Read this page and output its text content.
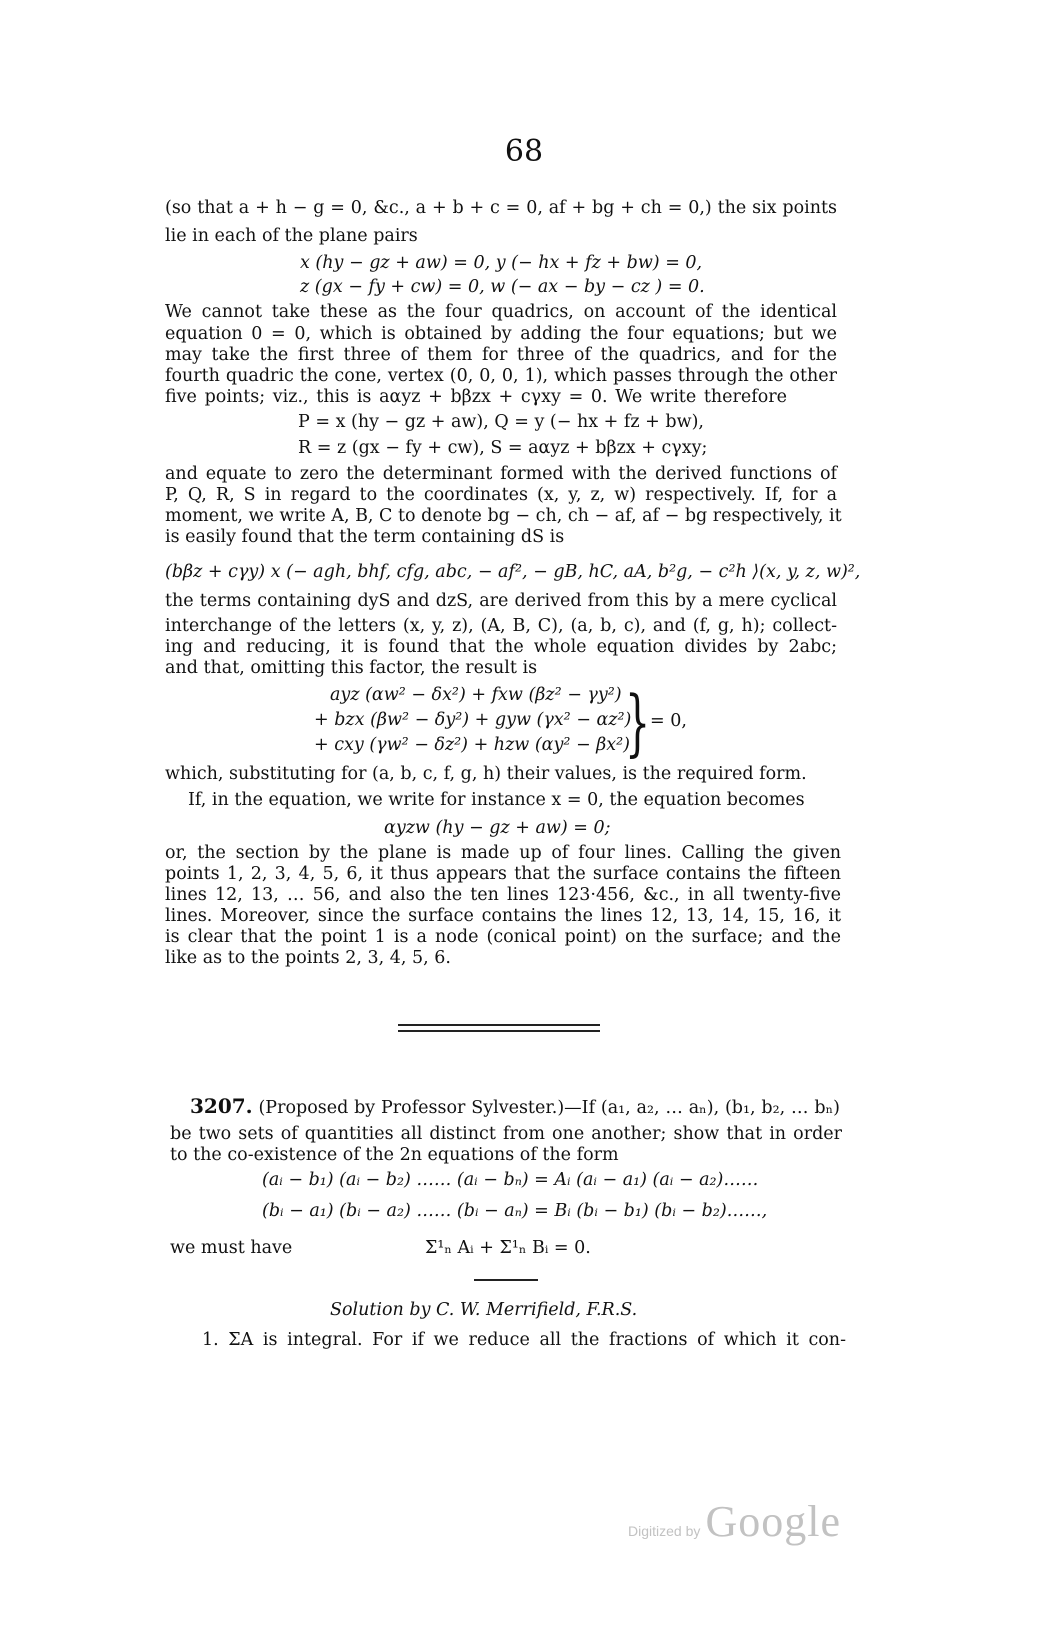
68
(so that a + h − g = 0, &c., a + b + c = 0, af + bg + ch = 0,) the six points
lie in each of the plane pairs
x (hy − gz + aw) = 0, y (− hx + fz + bw) = 0,
z (gx − fy + cw) = 0, w (− ax − by − cz ) = 0.
We cannot take these as the four quadrics, on account of the identical
equation 0 = 0, which is obtained by adding the four equations; but we
may take the first three of them for three of the quadrics, and for the
fourth quadric the cone, vertex (0, 0, 0, 1), which passes through the other
five points; viz., this is aαyz + bβzx + cγxy = 0. We write therefore
P = x (hy − gz + aw), Q = y (− hx + fz + bw),
R = z (gx − fy + cw), S = aαyz + bβzx + cγxy;
and equate to zero the determinant formed with the derived functions of
P, Q, R, S in regard to the coordinates (x, y, z, w) respectively. If, for a
moment, we write A, B, C to denote bg − ch, ch − af, af − bg respectively, it
is easily found that the term containing dS is
(bβz + cγy) x (− agh, bhf, cfg, abc, − af², − gB, hC, aA, b²g, − c²h ⟩(x, y, z, w)²,
the terms containing dyS and dzS, are derived from this by a mere cyclical
interchange of the letters (x, y, z), (A, B, C), (a, b, c), and (f, g, h); collect-
ing and reducing, it is found that the whole equation divides by 2abc;
and that, omitting this factor, the result is
ayz (αw² − δx²) + fxw (βz² − γy²)
+ bzx (βw² − δy²) + gyw (γx² − αz²)
+ cxy (γw² − δz²) + hzw (αy² − βx²)
} = 0,
which, substituting for (a, b, c, f, g, h) their values, is the required form.
If, in the equation, we write for instance x = 0, the equation becomes
αyzw (hy − gz + aw) = 0;
or, the section by the plane is made up of four lines. Calling the given
points 1, 2, 3, 4, 5, 6, it thus appears that the surface contains the fifteen
lines 12, 13, … 56, and also the ten lines 123·456, &c., in all twenty-five
lines. Moreover, since the surface contains the lines 12, 13, 14, 15, 16, it
is clear that the point 1 is a node (conical point) on the surface; and the
like as to the points 2, 3, 4, 5, 6.
3207. (Proposed by Professor Sylvester.)—If (a₁, a₂, … aₙ), (b₁, b₂, … bₙ)
be two sets of quantities all distinct from one another; show that in order
to the co-existence of the 2n equations of the form
(aᵢ − b₁) (aᵢ − b₂) …… (aᵢ − bₙ) = Aᵢ (aᵢ − a₁) (aᵢ − a₂)……
(bᵢ − a₁) (bᵢ − a₂) …… (bᵢ − aₙ) = Bᵢ (bᵢ − b₁) (bᵢ − b₂)……,
we must have	Σ¹ₙ Aᵢ + Σ¹ₙ Bᵢ = 0.
Solution by C. W. Merrifield, F.R.S.
1. ΣA is integral. For if we reduce all the fractions of which it con-
Digitized by Google
